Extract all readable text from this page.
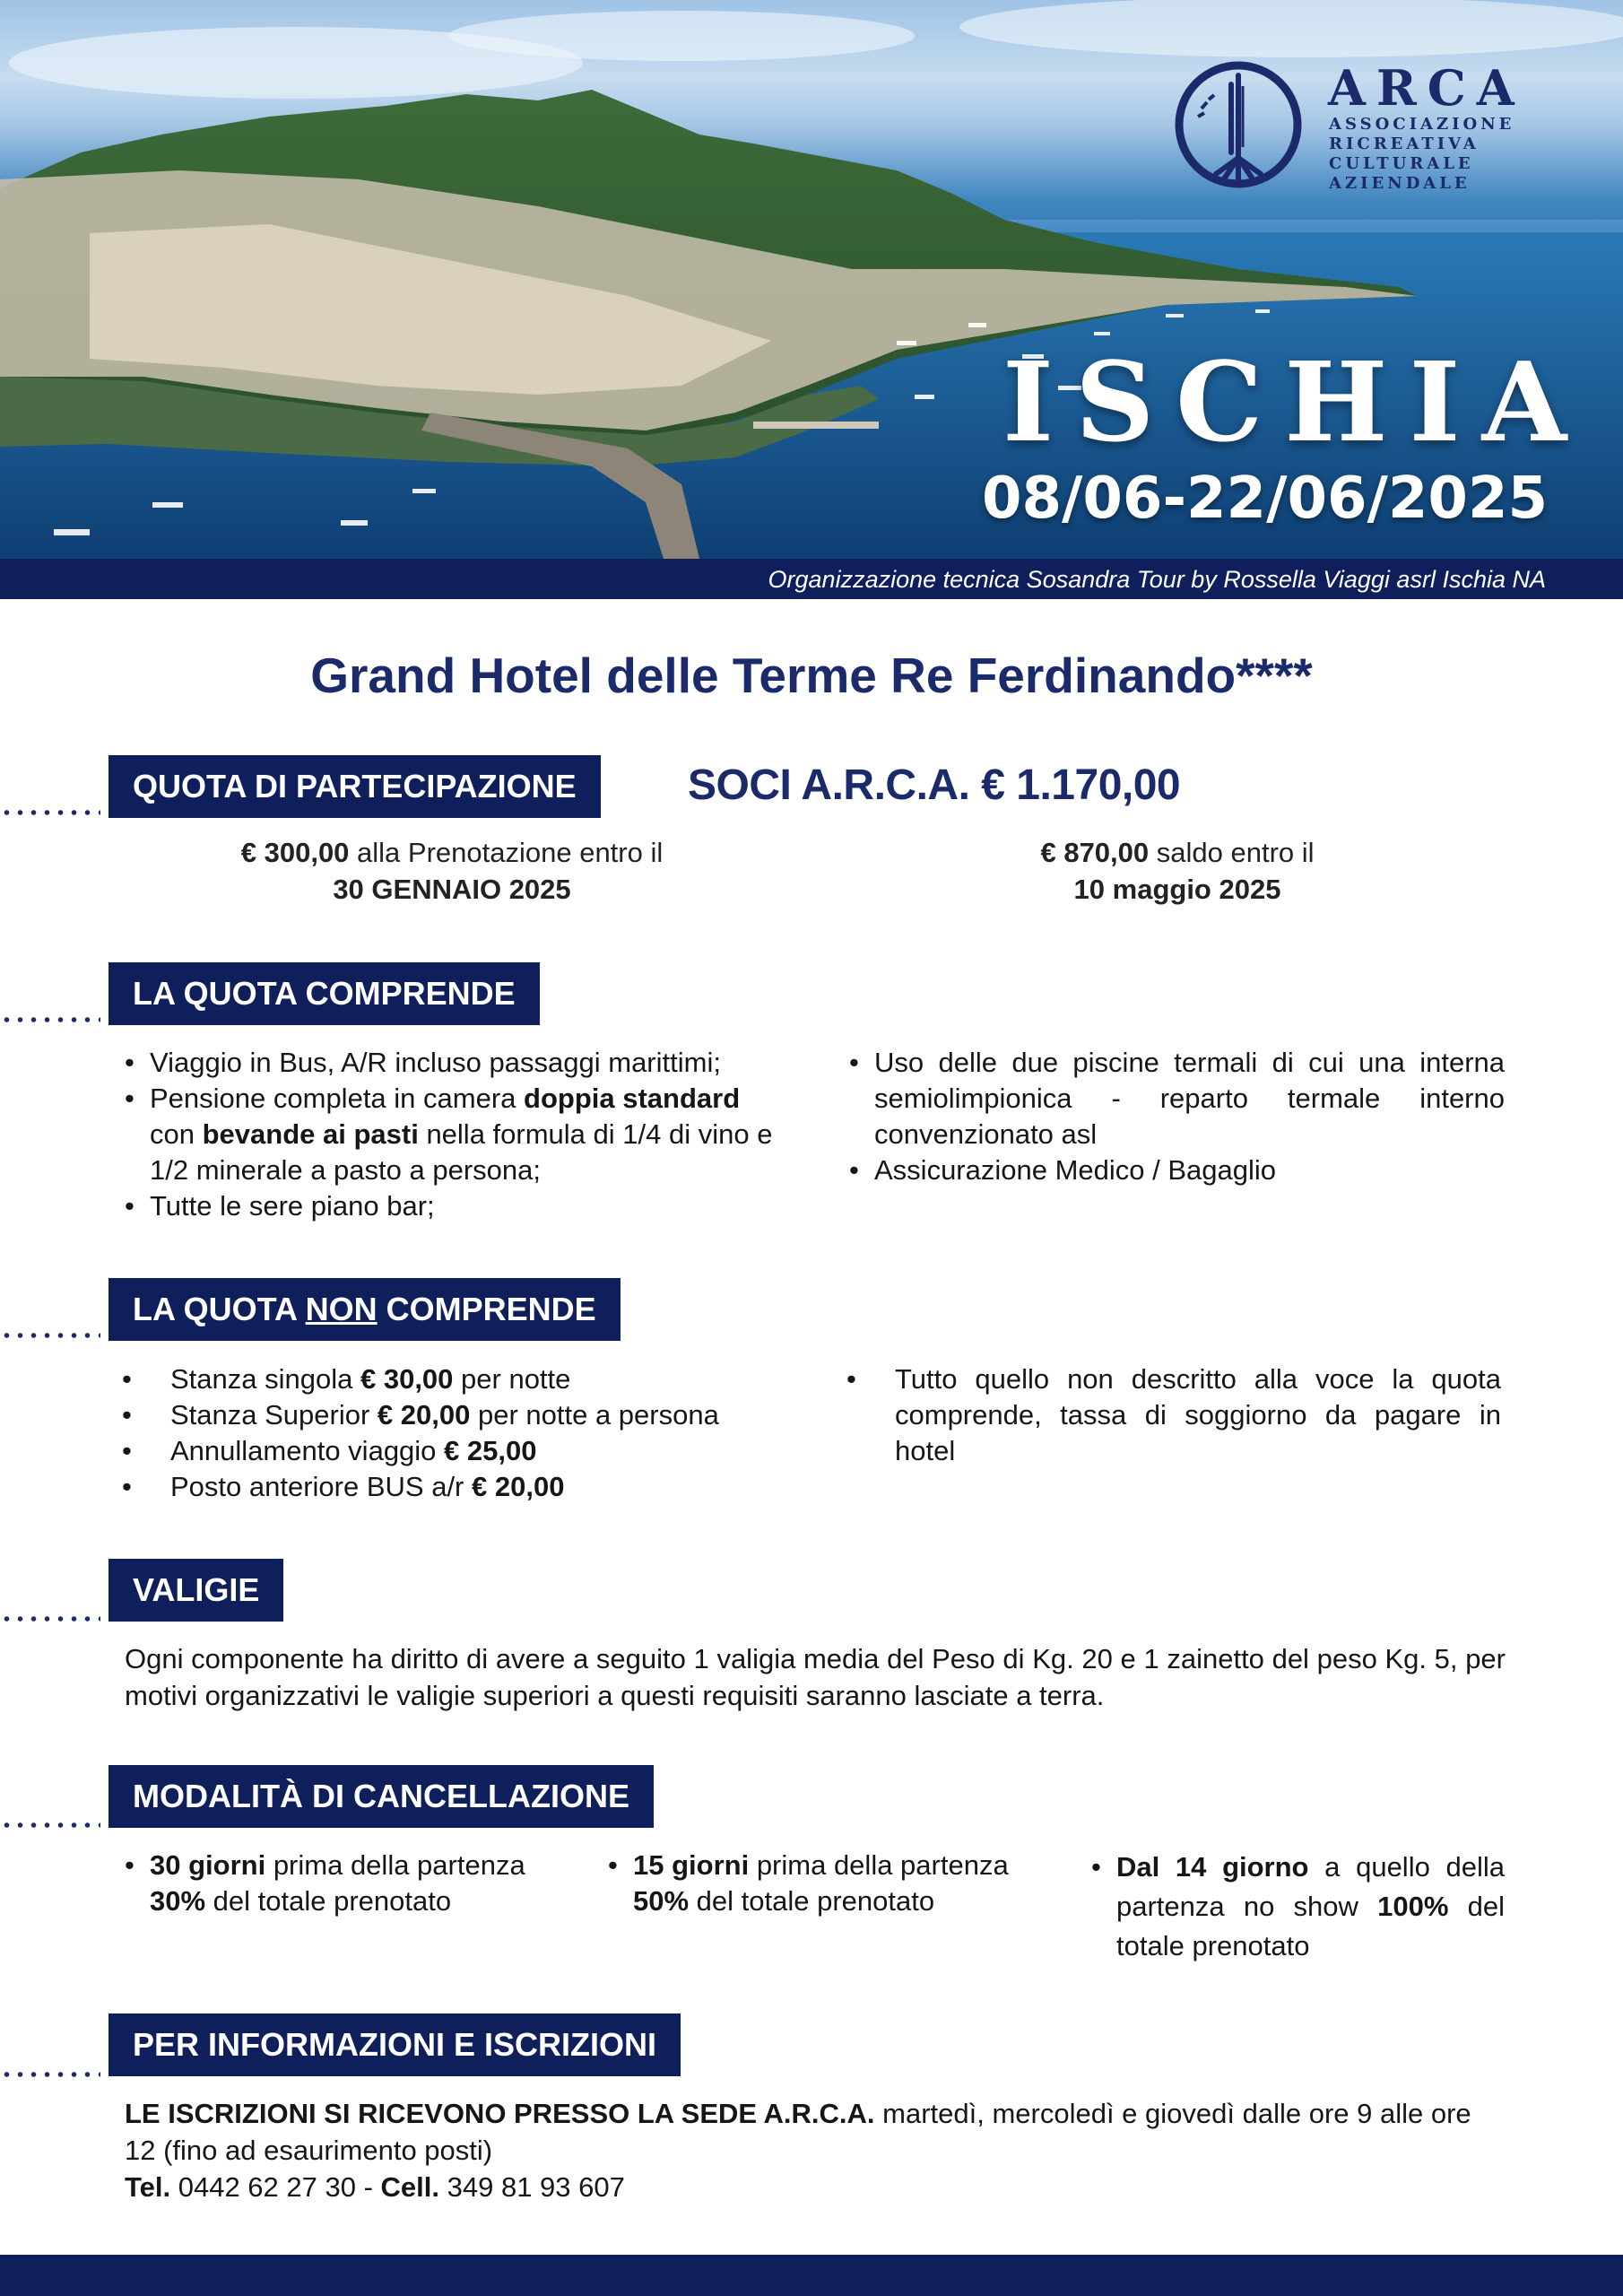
ARCA
ASSOCIAZIONE
RICREATIVA
CULTURALE
AZIENDALE
ISCHIA
08/06-22/06/2025
Organizzazione tecnica Sosandra Tour by Rossella Viaggi asrl Ischia NA
Grand Hotel delle Terme Re Ferdinando****
QUOTA DI PARTECIPAZIONE	SOCI A.R.C.A. € 1.170,00
€ 300,00 alla Prenotazione entro il
30 GENNAIO 2025
€ 870,00 saldo entro il
10 maggio 2025
LA QUOTA COMPRENDE
• Viaggio in Bus, A/R incluso passaggi marittimi;
• Pensione completa in camera doppia standard con bevande ai pasti nella formula di 1/4 di vino e 1/2 minerale a pasto a persona;
• Tutte le sere piano bar;
• Uso delle due piscine termali di cui una interna semiolimpionica - reparto termale interno convenzionato asl
• Assicurazione Medico / Bagaglio
LA QUOTA NON COMPRENDE
• Stanza singola € 30,00 per notte
• Stanza Superior € 20,00 per notte a persona
• Annullamento viaggio € 25,00
• Posto anteriore BUS a/r € 20,00
• Tutto quello non descritto alla voce la quota comprende, tassa di soggiorno da pagare in hotel
VALIGIE
Ogni componente ha diritto di avere a seguito 1 valigia media del Peso di Kg. 20 e 1 zainetto del peso Kg. 5, per motivi organizzativi le valigie superiori a questi requisiti saranno lasciate a terra.
MODALITÀ DI CANCELLAZIONE
• 30 giorni prima della partenza 30% del totale prenotato
• 15 giorni prima della partenza 50% del totale prenotato
• Dal 14 giorno a quello della partenza no show 100% del totale prenotato
PER INFORMAZIONI E ISCRIZIONI
LE ISCRIZIONI SI RICEVONO PRESSO LA SEDE A.R.C.A. martedì, mercoledì e giovedì dalle ore 9 alle ore 12 (fino ad esaurimento posti)
Tel. 0442 62 27 30 - Cell. 349 81 93 607
